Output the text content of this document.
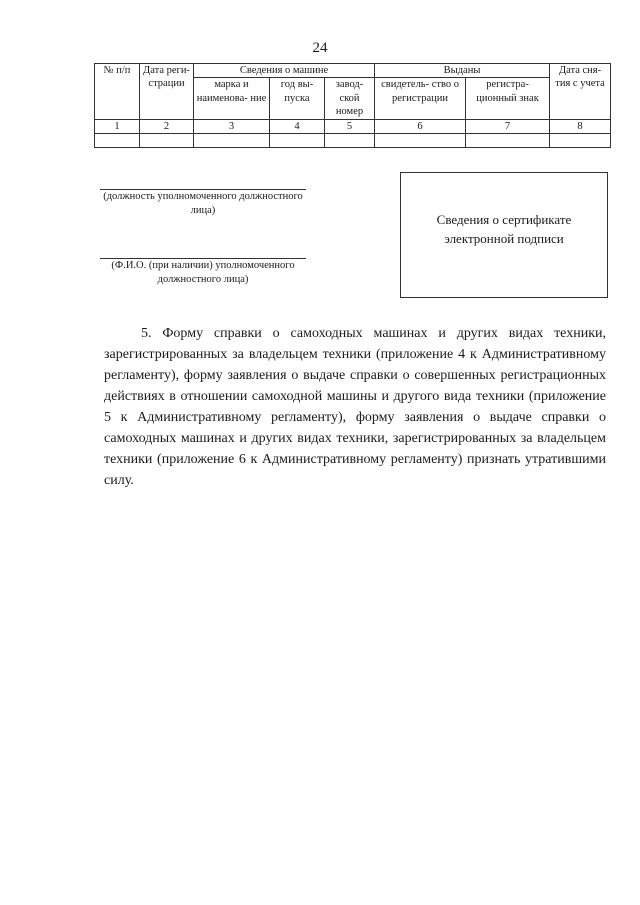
24
№ п/п	Дата реги- страции	Сведения о машине			Выданы		Дата сня- тия с учета
		марка и наименова- ние	год вы- пуска	завод- ской номер	свидетель- ство о регистрации	регистра- ционный знак	
1	2	3	4	5	6	7	8

(должность уполномоченного должностного лица)
(Ф.И.О. (при наличии) уполномоченного должностного лица)
Сведения о сертификате электронной подписи

5. Форму справки о самоходных машинах и других видах техники, зарегистрированных за владельцем техники (приложение 4 к Административному регламенту), форму заявления о выдаче справки о совершенных регистрационных действиях в отношении самоходной машины и другого вида техники (приложение 5 к Административному регламенту), форму заявления о выдаче справки о самоходных машинах и других видах техники, зарегистрированных за владельцем техники (приложение 6 к Административному регламенту) признать утратившими силу.
